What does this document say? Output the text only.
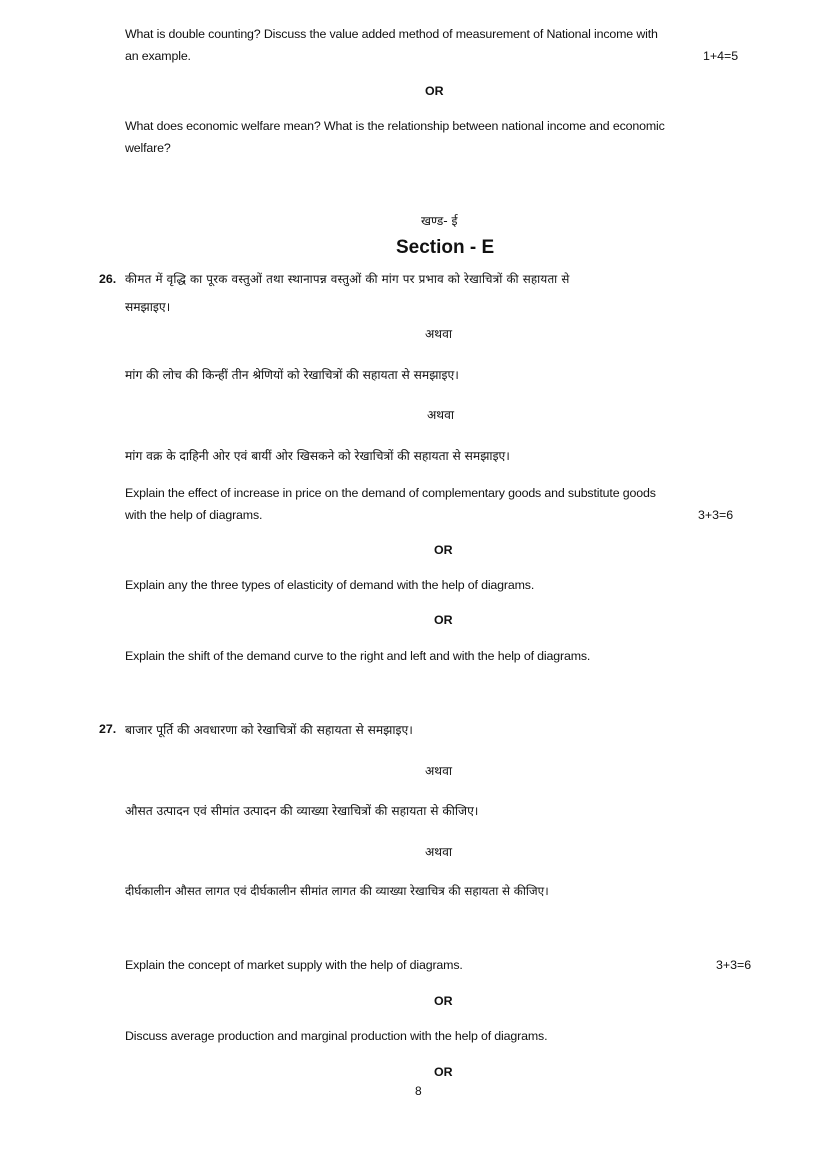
What is double counting? Discuss the value added method of measurement of National income with
an example.	1+4=5
OR
What does economic welfare mean? What is the relationship between national income and economic
welfare?
खण्ड- ई
Section - E
26. कीमत में वृद्धि का पूरक वस्तुओं तथा स्थानापन्न वस्तुओं की मांग पर प्रभाव को रेखाचित्रों की सहायता से
समझाइए।
अथवा
मांग की लोच की किन्हीं तीन श्रेणियों को रेखाचित्रों की सहायता से समझाइए।
अथवा
मांग वक्र के दाहिनी ओर एवं बायीं ओर खिसकने को रेखाचित्रों की सहायता से समझाइए।
Explain the effect of increase in price on the demand of complementary goods and substitute goods
with the help of diagrams.	3+3=6
OR
Explain any the three types of elasticity of demand with the help of diagrams.
OR
Explain the shift of the demand curve to the right and left and with the help of diagrams.
27. बाजार पूर्ति की अवधारणा को रेखाचित्रों की सहायता से समझाइए।
अथवा
औसत उत्पादन एवं सीमांत उत्पादन की व्याख्या रेखाचित्रों की सहायता से कीजिए।
अथवा
दीर्घकालीन औसत लागत एवं दीर्घकालीन सीमांत लागत की व्याख्या रेखाचित्र की सहायता से कीजिए।
Explain the concept of market supply with the help of diagrams.	3+3=6
OR
Discuss average production and marginal production with the help of diagrams.
OR
8
